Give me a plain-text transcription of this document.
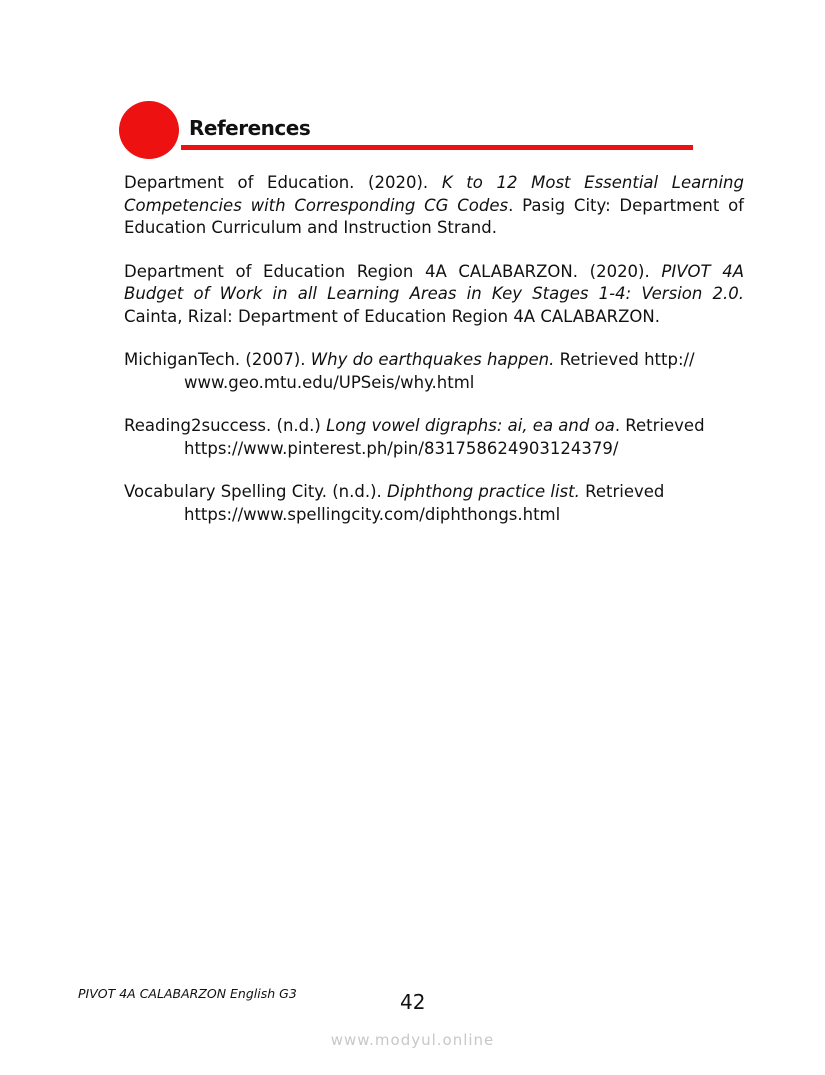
References

Department of Education. (2020). K to 12 Most Essential Learning Competencies with Corresponding CG Codes. Pasig City: Department of Education Curriculum and Instruction Strand.

Department of Education Region 4A CALABARZON. (2020). PIVOT 4A Budget of Work in all Learning Areas in Key Stages 1-4: Version 2.0. Cainta, Rizal: Department of Education Region 4A CALABARZON.

MichiganTech. (2007). Why do earthquakes happen. Retrieved http://
www.geo.mtu.edu/UPSeis/why.html

Reading2success. (n.d.) Long vowel digraphs: ai, ea and oa. Retrieved
https://www.pinterest.ph/pin/831758624903124379/

Vocabulary Spelling City. (n.d.). Diphthong practice list. Retrieved
https://www.spellingcity.com/diphthongs.html

PIVOT 4A CALABARZON English G3	42
www.modyul.online
